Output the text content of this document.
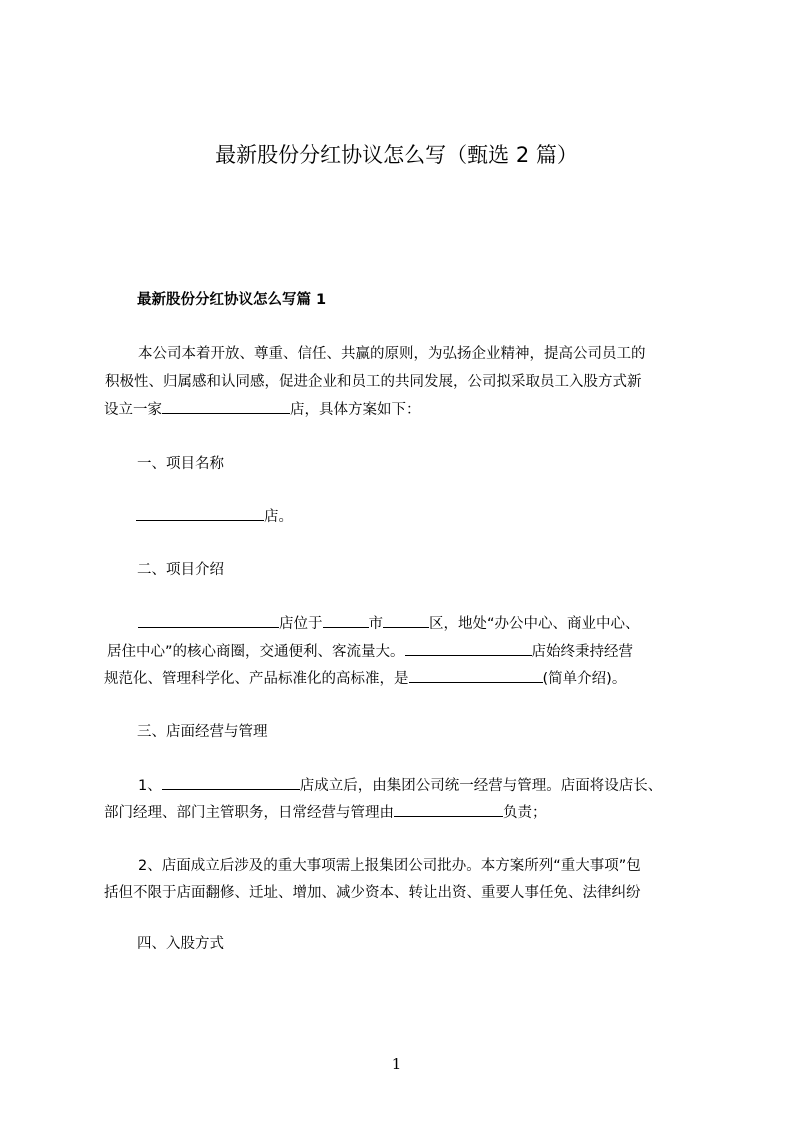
最新股份分红协议怎么写（甄选 2 篇）
最新股份分红协议怎么写篇 1
本公司本着开放、尊重、信任、共赢的原则，为弘扬企业精神，提高公司员工的
积极性、归属感和认同感，促进企业和员工的共同发展，公司拟采取员工入股方式新
设立一家	店，具体方案如下：
一、项目名称
店。
二、项目介绍
店位于	市	区，地处“办公中心、商业中心、
居住中心”的核心商圈，交通便利、客流量大。	店始终秉持经营
规范化、管理科学化、产品标准化的高标准，是	(简单介绍)。
三、店面经营与管理
1、	店成立后，由集团公司统一经营与管理。店面将设店长、
部门经理、部门主管职务，日常经营与管理由	负责；
2、店面成立后涉及的重大事项需上报集团公司批办。本方案所列“重大事项”包
括但不限于店面翻修、迁址、增加、减少资本、转让出资、重要人事任免、法律纠纷
四、入股方式
1
